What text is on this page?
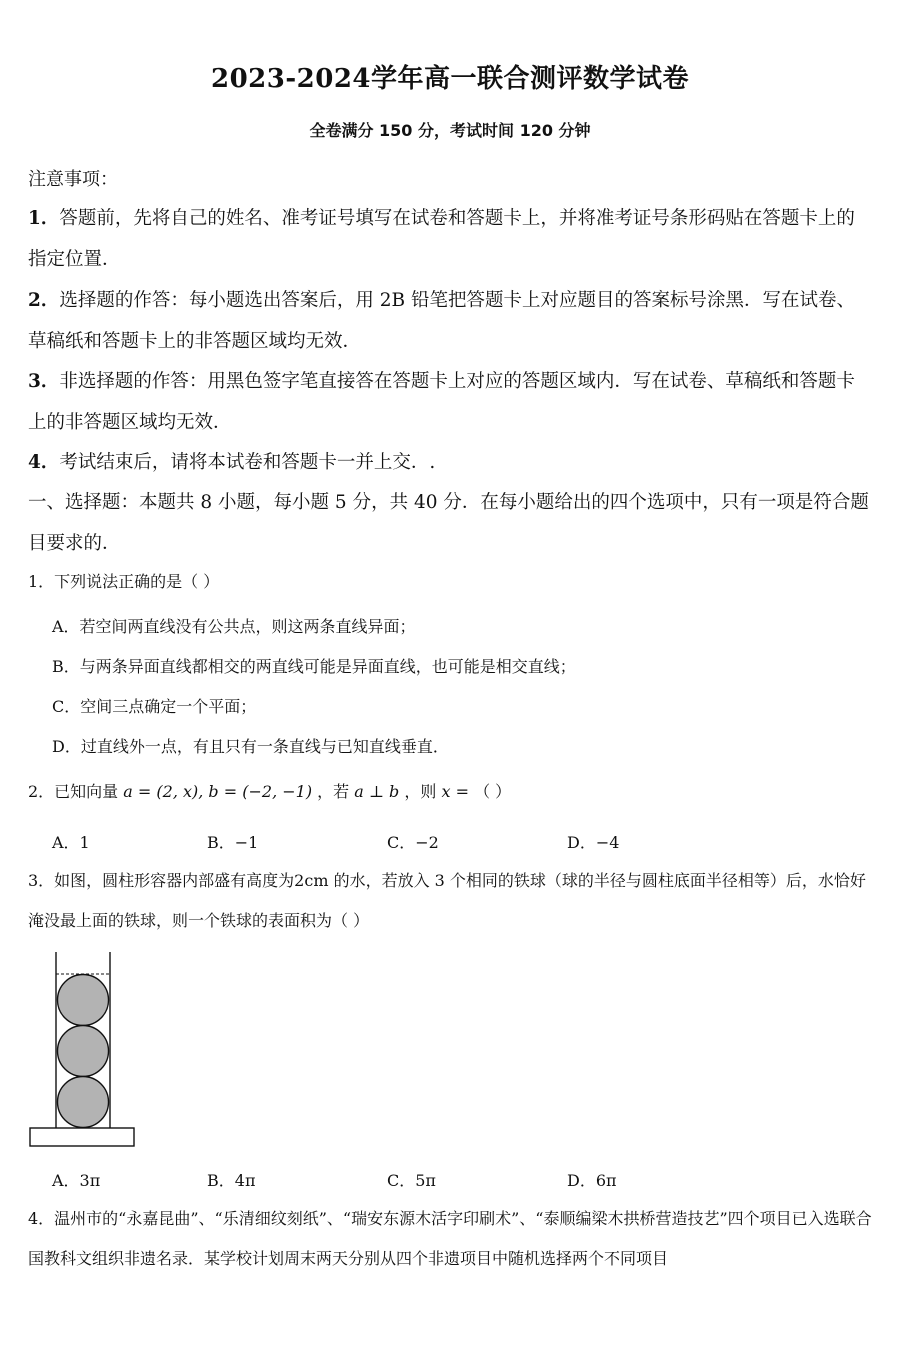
2023-2024学年高一联合测评数学试卷
全卷满分 150 分，考试时间 120 分钟
注意事项：
1．答题前，先将自己的姓名、准考证号填写在试卷和答题卡上，并将准考证号条形码贴在答题卡上的指定位置．
2．选择题的作答：每小题选出答案后，用 2B 铅笔把答题卡上对应题目的答案标号涂黑．写在试卷、草稿纸和答题卡上的非答题区域均无效．
3．非选择题的作答：用黑色签字笔直接答在答题卡上对应的答题区域内．写在试卷、草稿纸和答题卡上的非答题区域均无效．
4．考试结束后，请将本试卷和答题卡一并上交．.
一、选择题：本题共 8 小题，每小题 5 分，共 40 分．在每小题给出的四个选项中，只有一项是符合题目要求的．
1．下列说法正确的是（ ）
A．若空间两直线没有公共点，则这两条直线异面；
B．与两条异面直线都相交的两直线可能是异面直线，也可能是相交直线；
C．空间三点确定一个平面；
D．过直线外一点，有且只有一条直线与已知直线垂直．
2．已知向量 a = (2, x), b = (−2, −1) ，若 a ⊥ b ，则 x = （ ）
A．1	B．−1	C．−2	D．−4
3．如图，圆柱形容器内部盛有高度为2cm 的水，若放入 3 个相同的铁球（球的半径与圆柱底面半径相等）后，水恰好淹没最上面的铁球，则一个铁球的表面积为（ ）
A．3π	B．4π	C．5π	D．6π
4．温州市的“永嘉昆曲”、“乐清细纹刻纸”、“瑞安东源木活字印刷术”、“泰顺编梁木拱桥营造技艺”四个项目已入选联合国教科文组织非遗名录．某学校计划周末两天分别从四个非遗项目中随机选择两个不同项目
